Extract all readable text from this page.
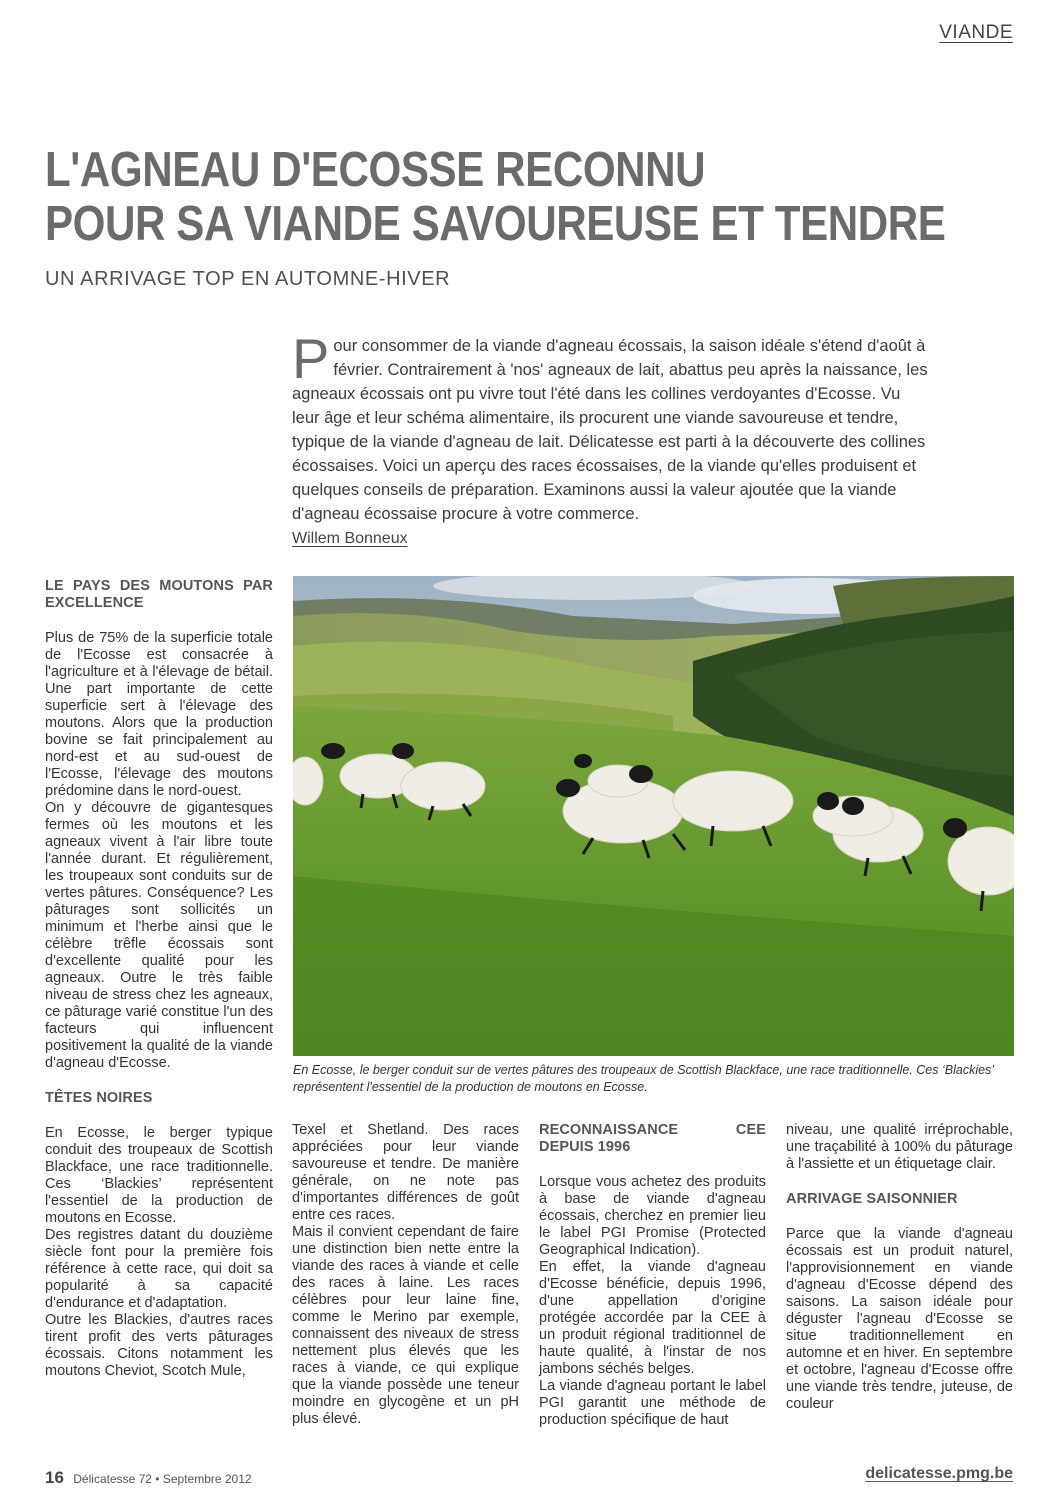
VIANDE
L'AGNEAU D'ECOSSE RECONNU
POUR SA VIANDE SAVOUREUSE ET TENDRE
UN ARRIVAGE TOP EN AUTOMNE-HIVER
P our consommer de la viande d'agneau écossais, la saison idéale s'étend d'août à février. Contrairement à 'nos' agneaux de lait, abattus peu après la naissance, les agneaux écossais ont pu vivre tout l'été dans les collines verdoyantes d'Ecosse. Vu leur âge et leur schéma alimentaire, ils procurent une viande savoureuse et tendre, typique de la viande d'agneau de lait. Délicatesse est parti à la découverte des collines écossaises. Voici un aperçu des races écossaises, de la viande qu'elles produisent et quelques conseils de préparation. Examinons aussi la valeur ajoutée que la viande d'agneau écossaise procure à votre commerce.
Willem Bonneux
En Ecosse, le berger conduit sur de vertes pâtures des troupeaux de Scottish Blackface, une race traditionnelle. Ces ‘Blackies’ représentent l'essentiel de la production de moutons en Ecosse.
LE PAYS DES MOUTONS PAR EXCELLENCE

Plus de 75% de la superficie totale de l'Ecosse est consacrée à l'agriculture et à l'élevage de bétail. Une part importante de cette superficie sert à l'élevage des moutons. Alors que la production bovine se fait principalement au nord-est et au sud-ouest de l'Ecosse, l'élevage des moutons prédomine dans le nord-ouest.

On y découvre de gigantesques fermes où les moutons et les agneaux vivent à l'air libre toute l'année durant. Et régulièrement, les troupeaux sont conduits sur de vertes pâtures. Conséquence? Les pâturages sont sollicités un minimum et l'herbe ainsi que le célèbre trêfle écossais sont d'excellente qualité pour les agneaux. Outre le très faible niveau de stress chez les agneaux, ce pâturage varié constitue l'un des facteurs qui influencent positivement la qualité de la viande d'agneau d'Ecosse.

TÊTES NOIRES

En Ecosse, le berger typique conduit des troupeaux de Scottish Blackface, une race traditionnelle. Ces ‘Blackies’ représentent l'essentiel de la production de moutons en Ecosse.

Des registres datant du douzième siècle font pour la première fois référence à cette race, qui doit sa popularité à sa capacité d'endurance et d'adaptation.

Outre les Blackies, d'autres races tirent profit des verts pâturages écossais. Citons notamment les moutons Cheviot, Scotch Mule,

Texel et Shetland. Des races appréciées pour leur viande savoureuse et tendre. De manière générale, on ne note pas d'importantes différences de goût entre ces races.

Mais il convient cependant de faire une distinction bien nette entre la viande des races à viande et celle des races à laine. Les races célèbres pour leur laine fine, comme le Merino par exemple, connaissent des niveaux de stress nettement plus élevés que les races à viande, ce qui explique que la viande possède une teneur moindre en glycogène et un pH plus élevé.

RECONNAISSANCE CEE DEPUIS 1996

Lorsque vous achetez des produits à base de viande d'agneau écossais, cherchez en premier lieu le label PGI Promise (Protected Geographical Indication).

En effet, la viande d'agneau d'Ecosse bénéficie, depuis 1996, d'une appellation d'origine protégée accordée par la CEE à un produit régional traditionnel de haute qualité, à l'instar de nos jambons séchés belges.

La viande d'agneau portant le label PGI garantit une méthode de production spécifique de haut

niveau, une qualité irréprochable, une traçabilité à 100% du pâturage à l'assiette et un étiquetage clair.

ARRIVAGE SAISONNIER

Parce que la viande d'agneau écossais est un produit naturel, l'approvisionnement en viande d'agneau d'Ecosse dépend des saisons. La saison idéale pour déguster l'agneau d'Ecosse se situe traditionnellement en automne et en hiver. En septembre et octobre, l'agneau d'Ecosse offre une viande très tendre, juteuse, de couleur

16 Délicatesse 72 • Septembre 2012	delicatesse.pmg.be
